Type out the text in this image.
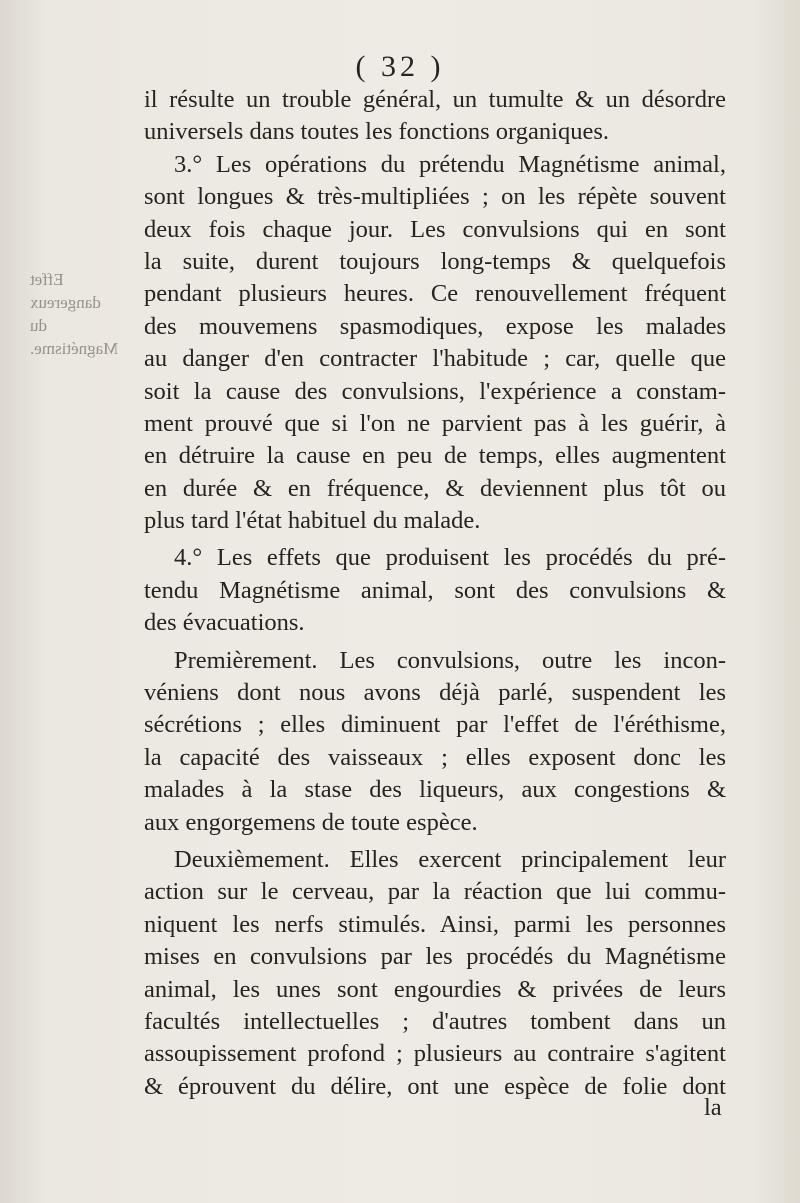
( 32 )
Effet
dangereux
du
Magnétisme.
il résulte un trouble général, un tumulte & un désordre
universels dans toutes les fonctions organiques.
3.° Les opérations du prétendu Magnétisme animal,
sont longues & très-multipliées ; on les répète souvent
deux fois chaque jour. Les convulsions qui en sont
la suite, durent toujours long-temps & quelquefois
pendant plusieurs heures. Ce renouvellement fréquent
des mouvemens spasmodiques, expose les malades
au danger d'en contracter l'habitude ; car, quelle que
soit la cause des convulsions, l'expérience a constam-
ment prouvé que si l'on ne parvient pas à les guérir, à
en détruire la cause en peu de temps, elles augmentent
en durée & en fréquence, & deviennent plus tôt ou
plus tard l'état habituel du malade.
4.° Les effets que produisent les procédés du pré-
tendu Magnétisme animal, sont des convulsions &
des évacuations.
Premièrement. Les convulsions, outre les incon-
véniens dont nous avons déjà parlé, suspendent les
sécrétions ; elles diminuent par l'effet de l'éréthisme,
la capacité des vaisseaux ; elles exposent donc les
malades à la stase des liqueurs, aux congestions &
aux engorgemens de toute espèce.
Deuxièmement. Elles exercent principalement leur
action sur le cerveau, par la réaction que lui commu-
niquent les nerfs stimulés. Ainsi, parmi les personnes
mises en convulsions par les procédés du Magnétisme
animal, les unes sont engourdies & privées de leurs
facultés intellectuelles ; d'autres tombent dans un
assoupissement profond ; plusieurs au contraire s'agitent
& éprouvent du délire, ont une espèce de folie dont
la
